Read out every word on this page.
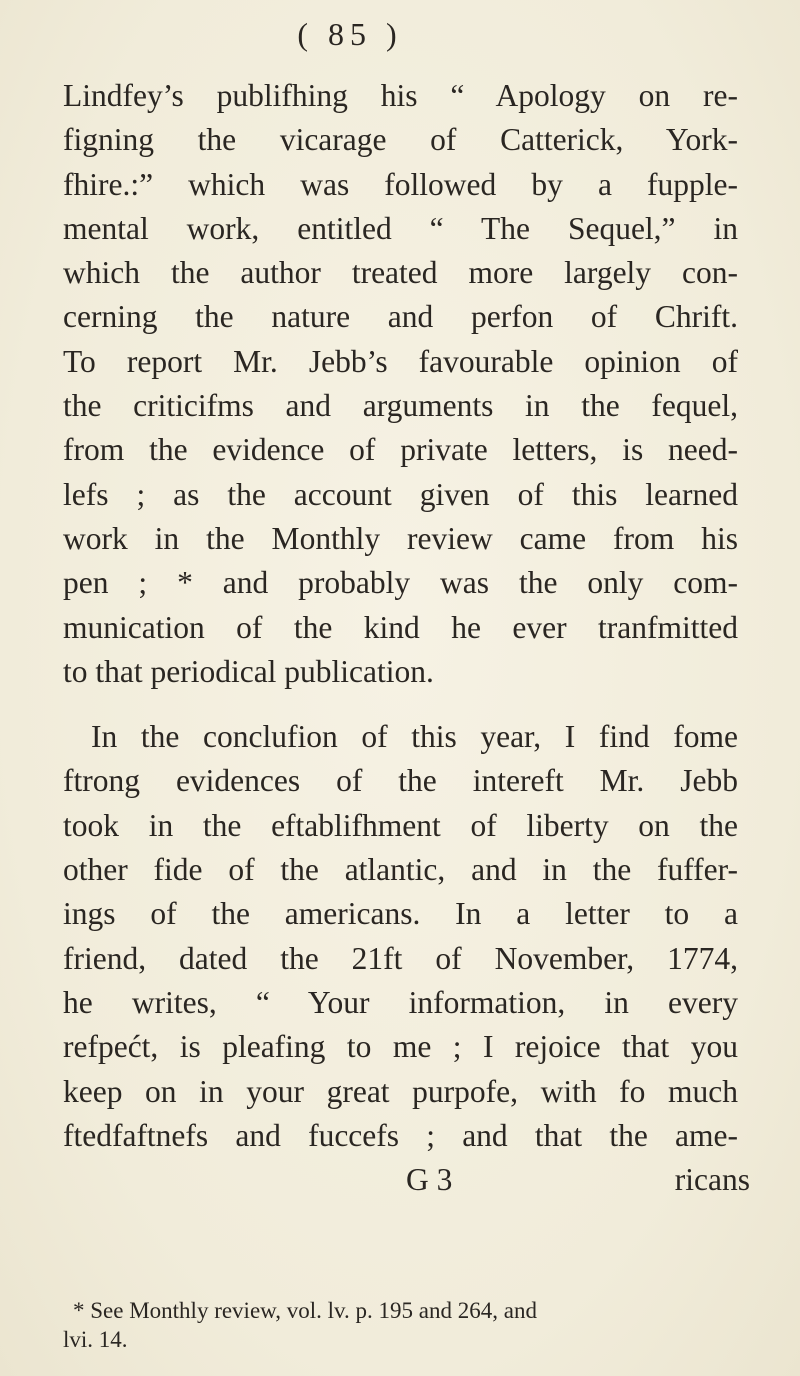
( 85 )
Lindfey’s publifhing his “ Apology on re-
figning the vicarage of Catterick, York-
fhire.:” which was followed by a fupple-
mental work, entitled “ The Sequel,” in
which the author treated more largely con-
cerning the nature and perfon of Chrift.
To report Mr. Jebb’s favourable opinion of
the criticifms and arguments in the fequel,
from the evidence of private letters, is need-
lefs ; as the account given of this learned
work in the Monthly review came from his
pen ; * and probably was the only com-
munication of the kind he ever tranfmitted
to that periodical publication.
In the conclufion of this year, I find fome
ftrong evidences of the intereft Mr. Jebb
took in the eftablifhment of liberty on the
other fide of the atlantic, and in the fuffer-
ings of the americans. In a letter to a
friend, dated the 21ft of November, 1774,
he writes, “ Your information, in every
refpećt, is pleafing to me ; I rejoice that you
keep on in your great purpofe, with fo much
ftedfaftnefs and fuccefs ; and that the ame-
G 3	ricans
* See Monthly review, vol. lv. p. 195 and 264, and
lvi. 14.
